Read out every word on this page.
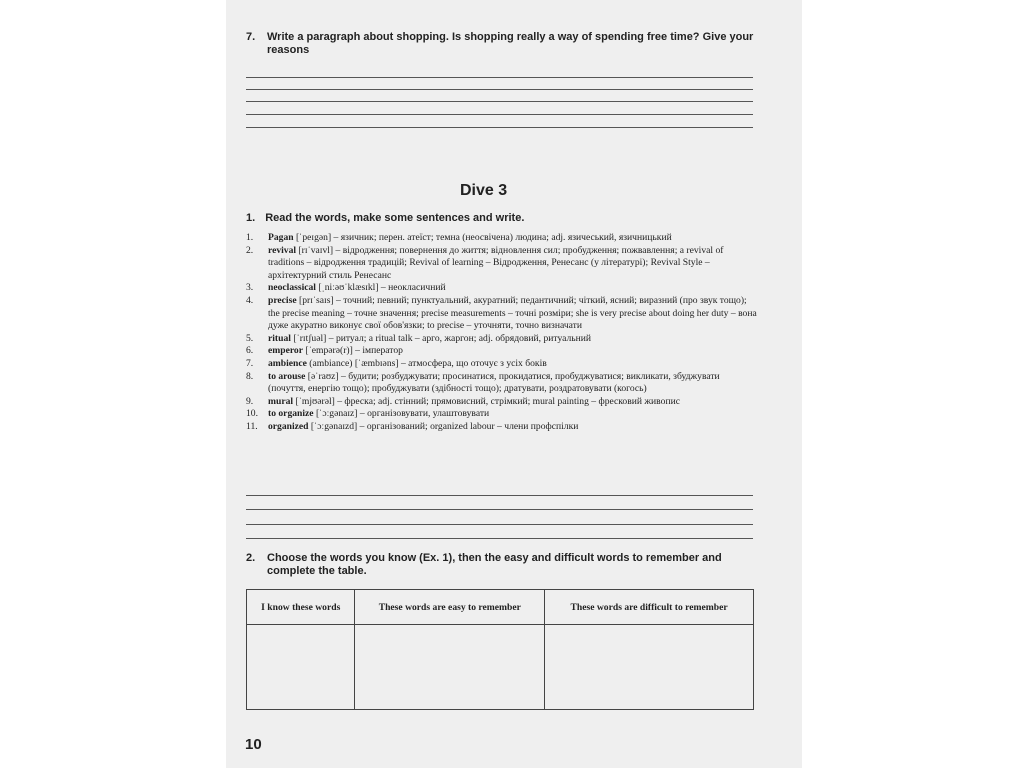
7. Write a paragraph about shopping. Is shopping really a way of spending free time? Give your reasons
Dive 3
1. Read the words, make some sentences and write.
1.	Pagan [ˈpeɪgən] – язичник; перен. атеїст; темна (неосвічена) людина; adj. язичеський, язичницький
2.	revival [rɪˈvaɪvl] – відродження; повернення до життя; відновлення сил; пробудження; пожвавлення; a revival of traditions – відродження традицій; Revival of learning – Відродження, Ренесанс (у літературі); Revival Style – архітектурний стиль Ренесанс
3.	neoclassical [ˌniːəʊˈklæsɪkl] – неокласичний
4.	precise [prɪˈsaɪs] – точний; певний; пунктуальний, акуратний; педантичний; чіткий, ясний; виразний (про звук тощо); the precise meaning – точне значення; precise measurements – точні розміри; she is very precise about doing her duty – вона дуже акуратно виконує свої обов'язки; to precise – уточняти, точно визначати
5.	ritual [ˈrɪtʃuəl] – ритуал; a ritual talk – арго, жаргон; adj. обрядовий, ритуальний
6.	emperor [ˈempərə(r)] – імператор
7.	ambience (ambiance) [ˈæmbɪəns] – атмосфера, що оточує з усіх боків
8.	to arouse [əˈraʊz] – будити; розбуджувати; просинатися, прокидатися, пробуджуватися; викликати, збуджувати (почуття, енергію тощо); пробуджувати (здібності тощо); дратувати, роздратовувати (когось)
9.	mural [ˈmjʊərəl] – фреска; adj. стінний; прямовисний, стрімкий; mural painting – фресковий живопис
10.	to organize [ˈɔːgənaɪz] – організовувати, улаштовувати
11.	organized [ˈɔːgənaɪzd] – організований; organized labour – члени профспілки
2. Choose the words you know (Ex. 1), then the easy and difficult words to remember and complete the table.
I know these words	These words are easy to remember	These words are difficult to remember

10
